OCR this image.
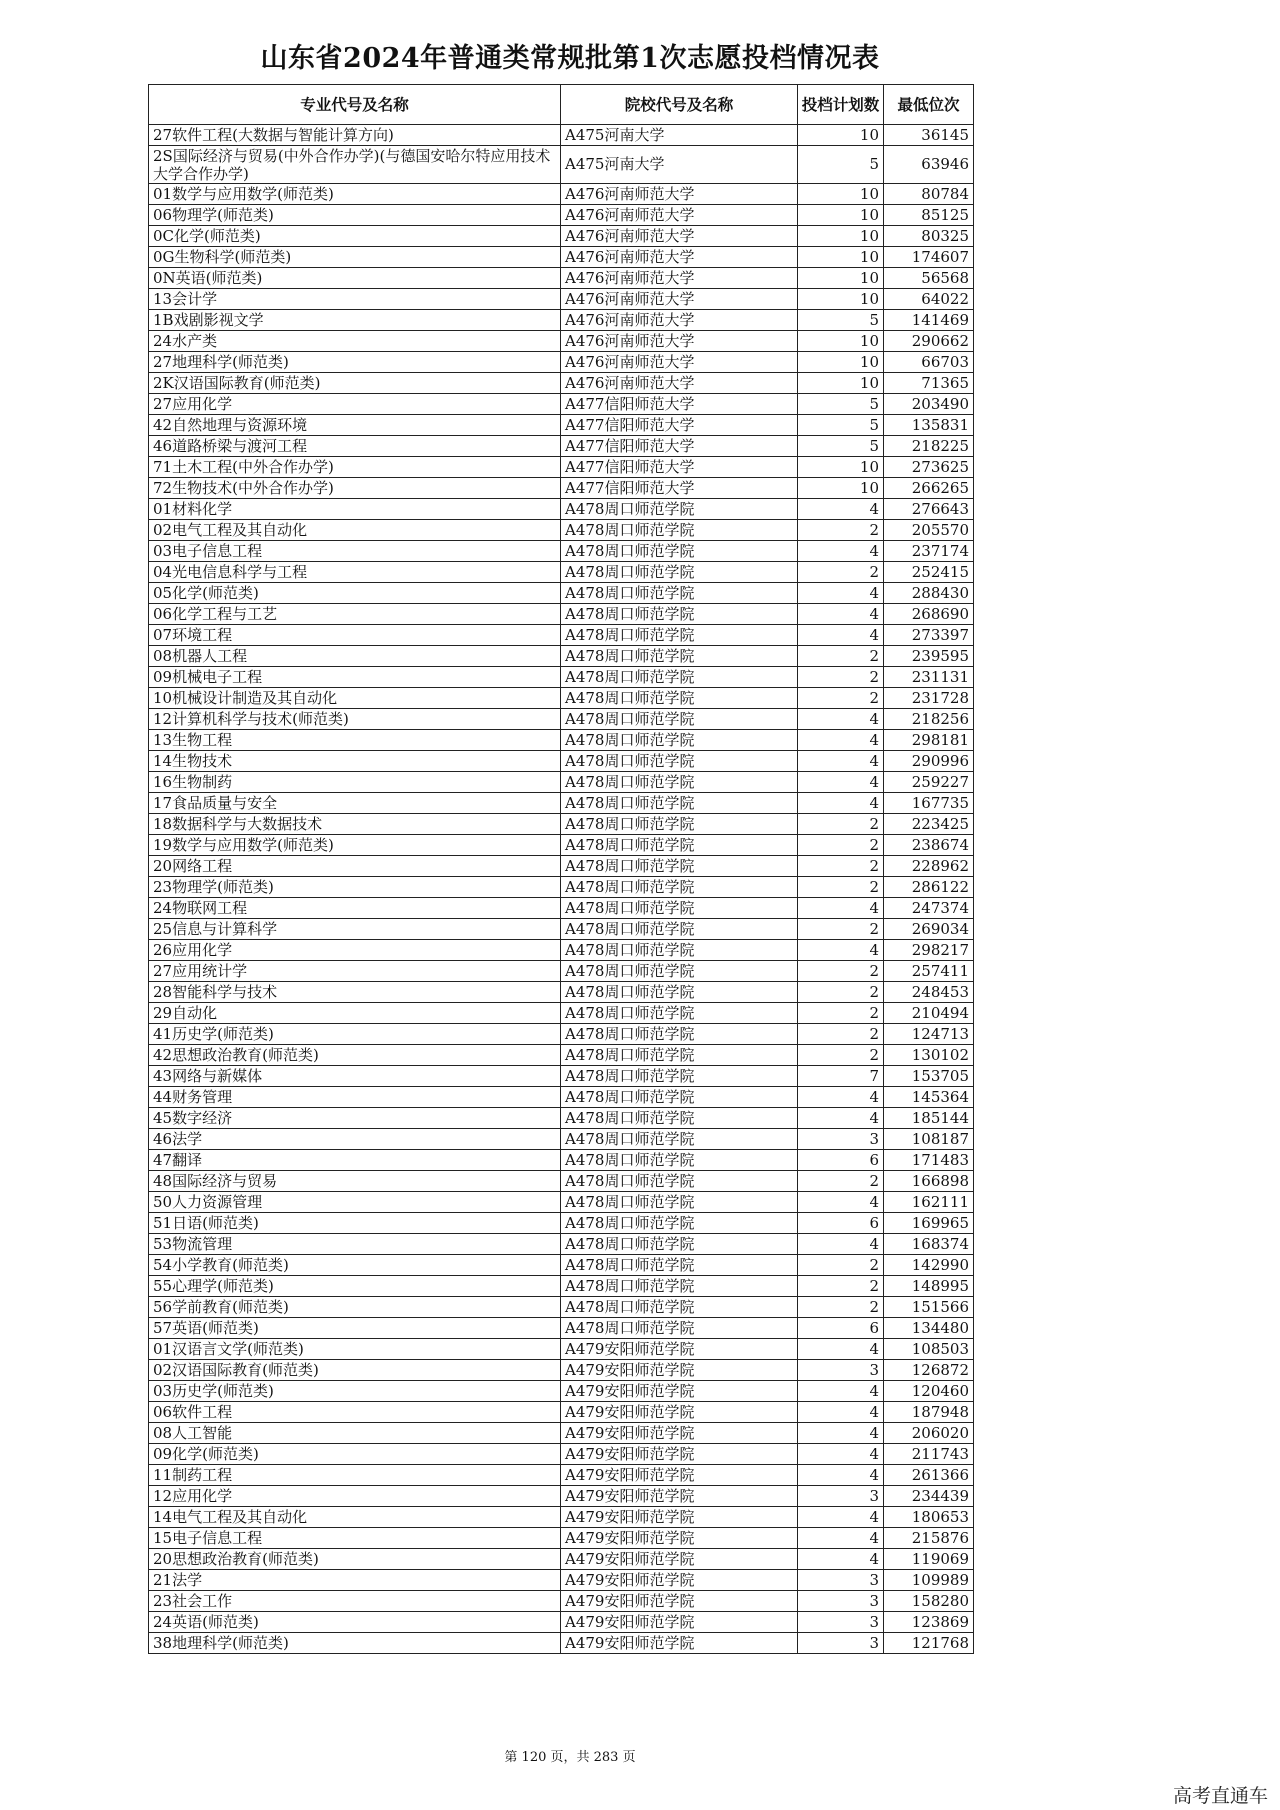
山东省2024年普通类常规批第1次志愿投档情况表
专业代号及名称	院校代号及名称	投档计划数	最低位次
27软件工程(大数据与智能计算方向)	A475河南大学	10	36145
2S国际经济与贸易(中外合作办学)(与德国安哈尔特应用技术大学合作办学)	A475河南大学	5	63946
01数学与应用数学(师范类)	A476河南师范大学	10	80784
06物理学(师范类)	A476河南师范大学	10	85125
0C化学(师范类)	A476河南师范大学	10	80325
0G生物科学(师范类)	A476河南师范大学	10	174607
0N英语(师范类)	A476河南师范大学	10	56568
13会计学	A476河南师范大学	10	64022
1B戏剧影视文学	A476河南师范大学	5	141469
24水产类	A476河南师范大学	10	290662
27地理科学(师范类)	A476河南师范大学	10	66703
2K汉语国际教育(师范类)	A476河南师范大学	10	71365
27应用化学	A477信阳师范大学	5	203490
42自然地理与资源环境	A477信阳师范大学	5	135831
46道路桥梁与渡河工程	A477信阳师范大学	5	218225
71土木工程(中外合作办学)	A477信阳师范大学	10	273625
72生物技术(中外合作办学)	A477信阳师范大学	10	266265
01材料化学	A478周口师范学院	4	276643
02电气工程及其自动化	A478周口师范学院	2	205570
03电子信息工程	A478周口师范学院	4	237174
04光电信息科学与工程	A478周口师范学院	2	252415
05化学(师范类)	A478周口师范学院	4	288430
06化学工程与工艺	A478周口师范学院	4	268690
07环境工程	A478周口师范学院	4	273397
08机器人工程	A478周口师范学院	2	239595
09机械电子工程	A478周口师范学院	2	231131
10机械设计制造及其自动化	A478周口师范学院	2	231728
12计算机科学与技术(师范类)	A478周口师范学院	4	218256
13生物工程	A478周口师范学院	4	298181
14生物技术	A478周口师范学院	4	290996
16生物制药	A478周口师范学院	4	259227
17食品质量与安全	A478周口师范学院	4	167735
18数据科学与大数据技术	A478周口师范学院	2	223425
19数学与应用数学(师范类)	A478周口师范学院	2	238674
20网络工程	A478周口师范学院	2	228962
23物理学(师范类)	A478周口师范学院	2	286122
24物联网工程	A478周口师范学院	4	247374
25信息与计算科学	A478周口师范学院	2	269034
26应用化学	A478周口师范学院	4	298217
27应用统计学	A478周口师范学院	2	257411
28智能科学与技术	A478周口师范学院	2	248453
29自动化	A478周口师范学院	2	210494
41历史学(师范类)	A478周口师范学院	2	124713
42思想政治教育(师范类)	A478周口师范学院	2	130102
43网络与新媒体	A478周口师范学院	7	153705
44财务管理	A478周口师范学院	4	145364
45数字经济	A478周口师范学院	4	185144
46法学	A478周口师范学院	3	108187
47翻译	A478周口师范学院	6	171483
48国际经济与贸易	A478周口师范学院	2	166898
50人力资源管理	A478周口师范学院	4	162111
51日语(师范类)	A478周口师范学院	6	169965
53物流管理	A478周口师范学院	4	168374
54小学教育(师范类)	A478周口师范学院	2	142990
55心理学(师范类)	A478周口师范学院	2	148995
56学前教育(师范类)	A478周口师范学院	2	151566
57英语(师范类)	A478周口师范学院	6	134480
01汉语言文学(师范类)	A479安阳师范学院	4	108503
02汉语国际教育(师范类)	A479安阳师范学院	3	126872
03历史学(师范类)	A479安阳师范学院	4	120460
06软件工程	A479安阳师范学院	4	187948
08人工智能	A479安阳师范学院	4	206020
09化学(师范类)	A479安阳师范学院	4	211743
11制药工程	A479安阳师范学院	4	261366
12应用化学	A479安阳师范学院	3	234439
14电气工程及其自动化	A479安阳师范学院	4	180653
15电子信息工程	A479安阳师范学院	4	215876
20思想政治教育(师范类)	A479安阳师范学院	4	119069
21法学	A479安阳师范学院	3	109989
23社会工作	A479安阳师范学院	3	158280
24英语(师范类)	A479安阳师范学院	3	123869
38地理科学(师范类)	A479安阳师范学院	3	121768
第 120 页，共 283 页
高考直通车
